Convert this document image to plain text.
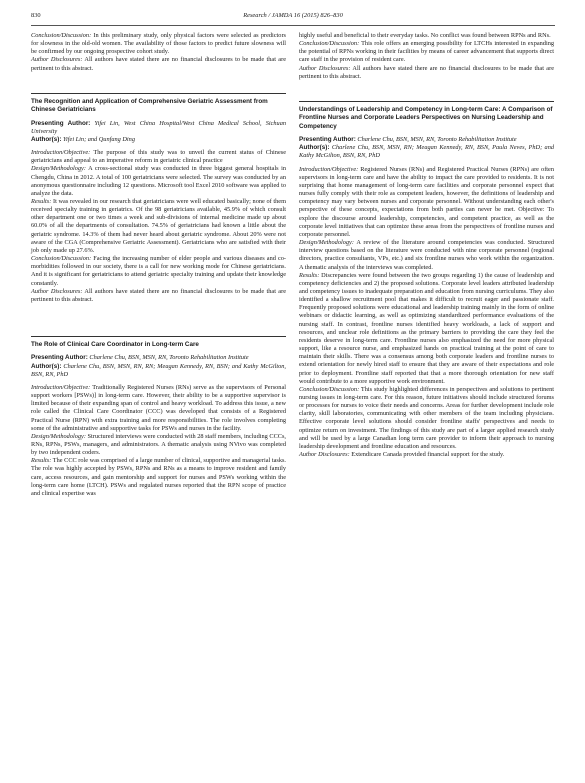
830	Research / JAMDA 16 (2015) 826–830

Conclusion/Discussion: In this preliminary study, only physical factors were selected as predictors for slowness in the old-old women. The availability of those factors to predict future slowness will be confirmed by our ongoing prospective cohort study.

Author Disclosures: All authors have stated there are no financial disclosures to be made that are pertinent to this abstract.

The Recognition and Application of Comprehensive Geriatric Assessment from Chinese Geriatricians

Presenting Author: Yifei Lin, West China Hospital/West China Medical School, Sichuan University

Author(s): Yifei Lin; and Qunfang Ding

Introduction/Objective: The purpose of this study was to unveil the current status of Chinese geriatricians and appeal to an imperative reform in geriatric clinical practice

Design/Methodology: A cross-sectional study was conducted in three biggest general hospitals in Chengdu, China in 2012. A total of 100 geriatricians were selected. The survey was conducted by an anonymous questionnaire including 12 questions. Microsoft tool Excel 2010 software was applied to analyze the data.

Results: It was revealed in our research that geriatricians were well educated basically; none of them received specialty training in geriatrics. Of the 98 geriatricians available, 45.9% of which consult other department one or two times a week and sub-divisions of internal medicine made up about 60.0% of all the departments of consultation. 74.5% of geriatricians had known a little about the geriatric syndrome. 14.3% of them had never heard about geriatric syndrome. About 20% were not aware of the CGA (Comprehensive Geriatric Assessment). Geriatricians who are satisfied with their job only made up 27.6%.

Conclusion/Discussion: Facing the increasing number of elder people and various diseases and co-morbidities followed in our society, there is a call for new working mode for Chinese geriatricians. And it is significant for geriatricians to attend geriatric specialty training and update their knowledge constantly.

Author Disclosures: All authors have stated there are no financial disclosures to be made that are pertinent to this abstract.

The Role of Clinical Care Coordinator in Long-term Care

Presenting Author: Charlene Chu, BSN, MSN, RN, Toronto Rehabilitation Institute

Author(s): Charlene Chu, BSN, MSN, RN, RN; Meagan Kennedy, RN, BSN; and Kathy McGilton, BSN, RN, PhD

Introduction/Objective: Traditionally Registered Nurses (RNs) serve as the supervisors of Personal support workers [PSWs)] in long-term care. However, their ability to be a supportive supervisor is limited because of their expanding span of control and heavy workload. To address this issue, a new role called the Clinical Care Coordinator (CCC) was developed that consists of a Registered Practical Nurse (RPN) with extra training and more responsibilities. The role involves completing some of the administrative and supportive tasks for PSWs and nurses in the facility.

Design/Methodology: Structured interviews were conducted with 28 staff members, including CCCs, RNs, RPNs, PSWs, managers, and administrators. A thematic analysis using NVivo was completed by two independent coders.

Results: The CCC role was comprised of a large number of clinical, supportive and managerial tasks. The role was highly accepted by PSWs, RPNs and RNs as a means to improve resident and family care, access resources, and gain mentorship and support for nurses and PSWs working within the long-term care home (LTCH). PSWs and regulated nurses reported that the RPN scope of practice and clinical expertise was

highly useful and beneficial to their everyday tasks. No conflict was found between RPNs and RNs.

Conclusion/Discussion: This role offers an emerging possibility for LTCHs interested in expanding the potential of RPNs working in their facilities by means of career advancement that supports direct care staff in the provision of resident care.

Author Disclosures: All authors have stated there are no financial disclosures to be made that are pertinent to this abstract.

Understandings of Leadership and Competency in Long-term Care: A Comparison of Frontline Nurses and Corporate Leaders Perspectives on Nursing Leadership and Competency

Presenting Author: Charlene Chu, BSN, MSN, RN, Toronto Rehabilitation Institute

Author(s): Charlene Chu, BSN, MSN, RN; Meagan Kennedy, RN, BSN, Paula Neves, PhD; and Kathy McGilton, BSN, RN, PhD

Introduction/Objective: Registered Nurses (RNs) and Registered Practical Nurses (RPNs) are often supervisors in long-term care and have the ability to impact the care provided to residents. It is not surprising that home management of long-term care facilities and corporate personnel expect that nurses fully comply with their role as competent leaders, however, the definitions of leadership and competency may vary between nurses and corporate personnel. Without understanding each other's perspective of these concepts, expectations from both parties can never be met. Objective: To explore the discourse around leadership, competencies, and competent practice, as well as the corporate level initiatives that can optimize these areas from the perspectives of frontline nurses and corporate personnel.

Design/Methodology: A review of the literature around competencies was conducted. Structured interview questions based on the literature were conducted with nine corporate personnel (regional directors, practice consultants, VPs, etc.) and six frontline nurses who work within the organization. A thematic analysis of the interviews was completed.

Results: Discrepancies were found between the two groups regarding 1) the cause of leadership and competency deficiencies and 2) the proposed solutions. Corporate level leaders attributed leadership and competency issues to inadequate preparation and education from nursing curriculums. They also identified a shallow recruitment pool that makes it difficult to recruit eager and passionate staff. Frequently proposed solutions were educational and leadership training mainly in the form of online webinars or didactic learning, as well as optimizing standardized performance evaluations of the nursing staff. In contrast, frontline nurses identified heavy workloads, a lack of support and resources, and unclear role definitions as the primary barriers to providing the care they feel the residents deserve in long-term care. Frontline nurses also emphasized the need for more physical support, like a resource nurse, and emphasized hands on practical training at the point of care to maintain their skills. There was a consensus among both corporate leaders and frontline nurses to extend orientation for newly hired staff to ensure that they are aware of their expectations and role prior to deployment. Frontline staff reported that that a more thorough orientation for new staff would contribute to a more supportive work environment.

Conclusion/Discussion: This study highlighted differences in perspectives and solutions to pertinent nursing issues in long-term care. For this reason, future initiatives should include structured forums or processes for nurses to voice their needs and concerns. Areas for further development include role clarity, skill laboratories, communicating with other members of the team including physicians. Effective corporate level solutions should consider frontline staffs' perspectives and needs to optimize return on investment. The findings of this study are part of a larger applied research study and will be used by a large Canadian long term care provider to inform their approach to nursing leadership development and frontline education and resources.

Author Disclosures: Extendicare Canada provided financial support for the study.
